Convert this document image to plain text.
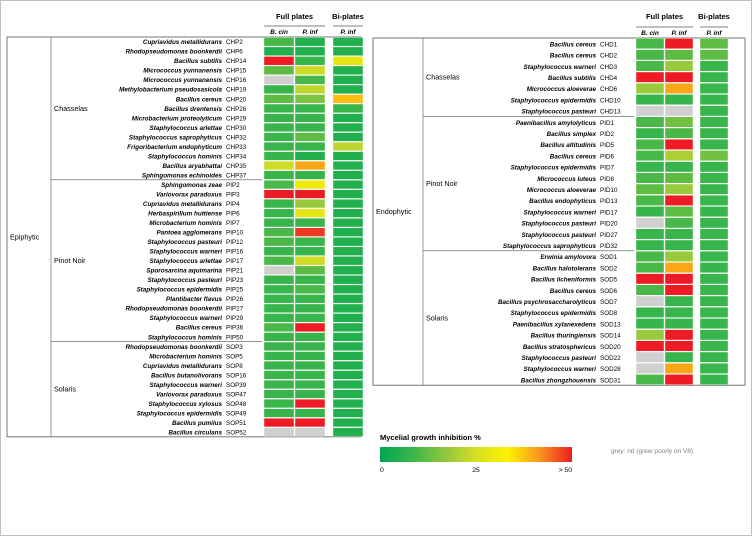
Full plates	Bi-plates
B. cin P. inf	P. inf
Cupriavidus metallidurans CHP2
Rhodopseudomonas boonkerdii CHP6
Bacillus subtilis CHP14
Micrococcus yunnanensis CHP15
Micrococcus yunnanensis CHP16
Methylobacterium pseudosasicola CHP19
Bacillus cereus CHP20
Bacillus drentensis CHP26
Microbacterium proteolyticum CHP29
Staphylococcus arlettae CHP30
Staphylococcus saprophyticus CHP32
Frigoribacterium endophyticum CHP33
Staphylococcus hominis CHP34
Bacillus aryabhattai CHP35
Sphingomonas echinoides CHP37
Chasselas
Sphingomonas zeae PIP2
Variovorax paradoxus PIP3
Cupriavidus metallidurans PIP4
Herbaspirillum huttiense PIP6
Microbacterium hominis PIP7
Pantoea agglomerans PIP10
Staphylococcus pasteuri PIP12
Staphylococcus warneri PIP16
Staphylococcus arlettae PIP17
Sporosarcina aquimarina PIP21
Staphylococcus pasteuri PIP23
Staphylococcus epidermidis PIP25
Plantibacter flavus PIP26
Rhodopseudomonas boonkerdii PIP27
Staphylococcus warneri PIP29
Bacillus cereus PIP36
Staphylococcus hominis PIP50
Pinot Noir
Rhodopseudomonas boonkerdii SOP3
Microbacterium hominis SOP5
Cupriavidus metallidurans SOP8
Bacillus butanolivorans SOP16
Staphylococcus warneri SOP39
Variovorax paradoxus SOP47
Staphylococcus xylosus SOP48
Staphylococcus epidermidis SOP49
Bacillus pumilus SOP51
Bacillus circulans SOP52
Solaris
Epiphytic
Full plates Bi-plates
B. cin P. inf	P. inf
Bacillus cereus CHD1
Bacillus cereus CHD2
Staphylococcus warneri CHD3
Bacillus subtilis CHD4
Micrococcus aloeverae CHD6
Staphylococcus epidermidis CHD10
Staphylococcus pasteuri CHD13
Chasselas
Paenibacillus amylolyticus PID1
Bacillus simplex PID2
Bacillus altitudinis PID5
Bacillus cereus PID6
Staphylococcus epidermidis PID7
Micrococcus luteus PID8
Micrococcus aloeverae PID10
Bacillus endophyticus PID13
Staphylococcus warneri PID17
Staphylococcus pasteuri PID20
Staphylococcus pasteuri PID27
Staphylococcus saprophyticus PID32
Pinot Noir
Erwinia amylovora SOD1
Bacillus halotolerans SOD2
Bacillus licheniformis SOD5
Bacillus cereus SOD6
Bacillus psychrosaccharolyticus SOD7
Staphylococcus epidermidis SOD8
Paenibacillus xylanexedens SOD13
Bacillus thuringiensis SOD14
Bacillus stratosphericus SOD20
Staphylococcus pasteuri SOD22
Staphylococcus warneri SOD28
Bacillus zhongzhouensis SOD31
Solaris
Endophytic
Mycelial growth inhibition %
0	25	> 50
grey: nd (grew poorly on V8)
